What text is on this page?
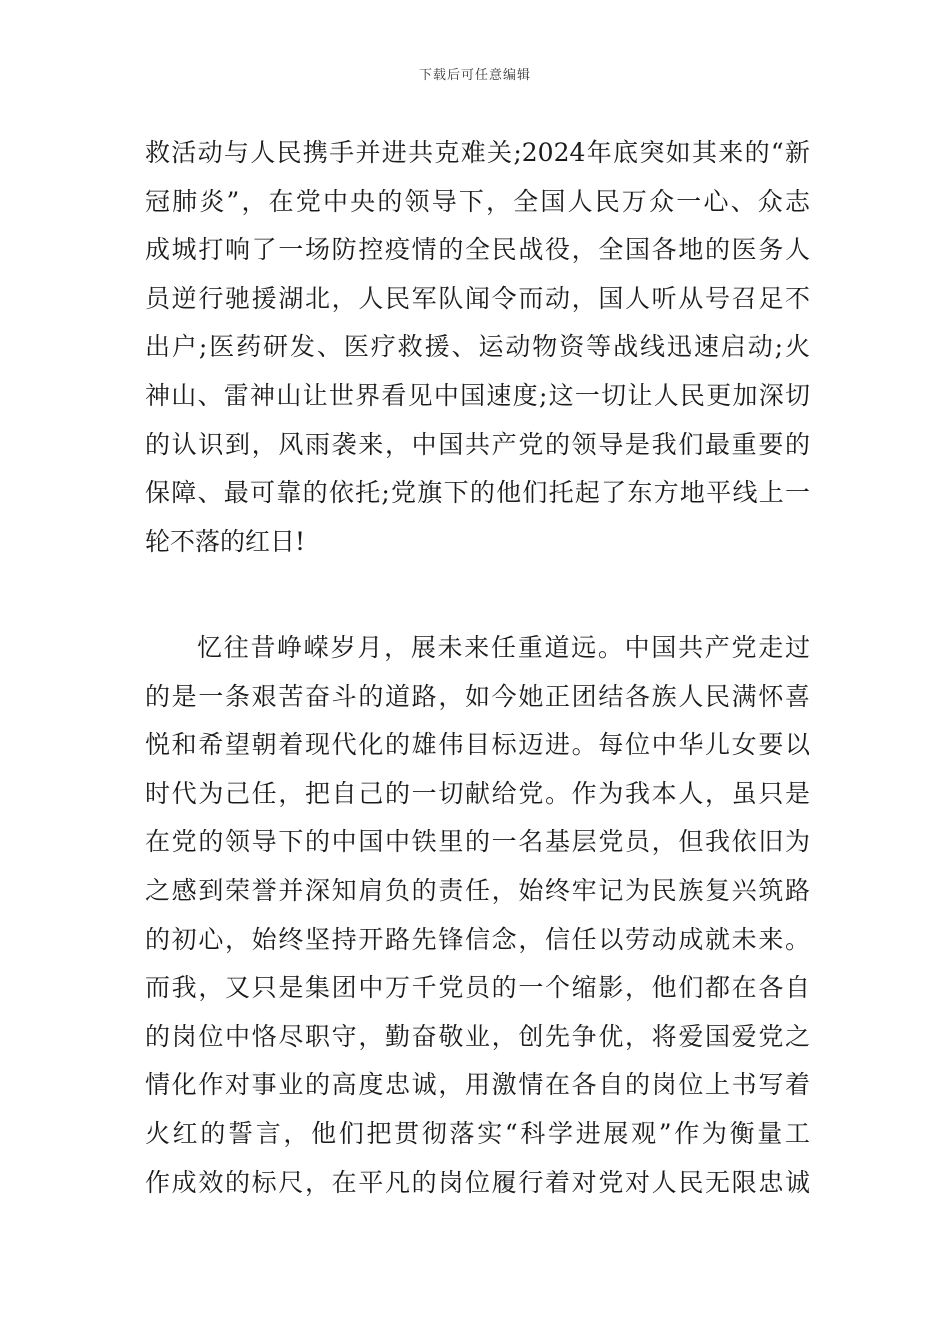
下载后可任意编辑
救活动与人民携手并进共克难关;2024年底突如其来的“新
冠肺炎”，在党中央的领导下，全国人民万众一心、众志
成城打响了一场防控疫情的全民战役，全国各地的医务人
员逆行驰援湖北，人民军队闻令而动，国人听从号召足不
出户;医药研发、医疗救援、运动物资等战线迅速启动;火
神山、雷神山让世界看见中国速度;这一切让人民更加深切
的认识到，风雨袭来，中国共产党的领导是我们最重要的
保障、最可靠的依托;党旗下的他们托起了东方地平线上一
轮不落的红日!
忆往昔峥嵘岁月，展未来任重道远。中国共产党走过
的是一条艰苦奋斗的道路，如今她正团结各族人民满怀喜
悦和希望朝着现代化的雄伟目标迈进。每位中华儿女要以
时代为己任，把自己的一切献给党。作为我本人，虽只是
在党的领导下的中国中铁里的一名基层党员，但我依旧为
之感到荣誉并深知肩负的责任，始终牢记为民族复兴筑路
的初心，始终坚持开路先锋信念，信任以劳动成就未来。
而我，又只是集团中万千党员的一个缩影，他们都在各自
的岗位中恪尽职守，勤奋敬业，创先争优，将爱国爱党之
情化作对事业的高度忠诚，用激情在各自的岗位上书写着
火红的誓言，他们把贯彻落实“科学进展观”作为衡量工
作成效的标尺，在平凡的岗位履行着对党对人民无限忠诚
